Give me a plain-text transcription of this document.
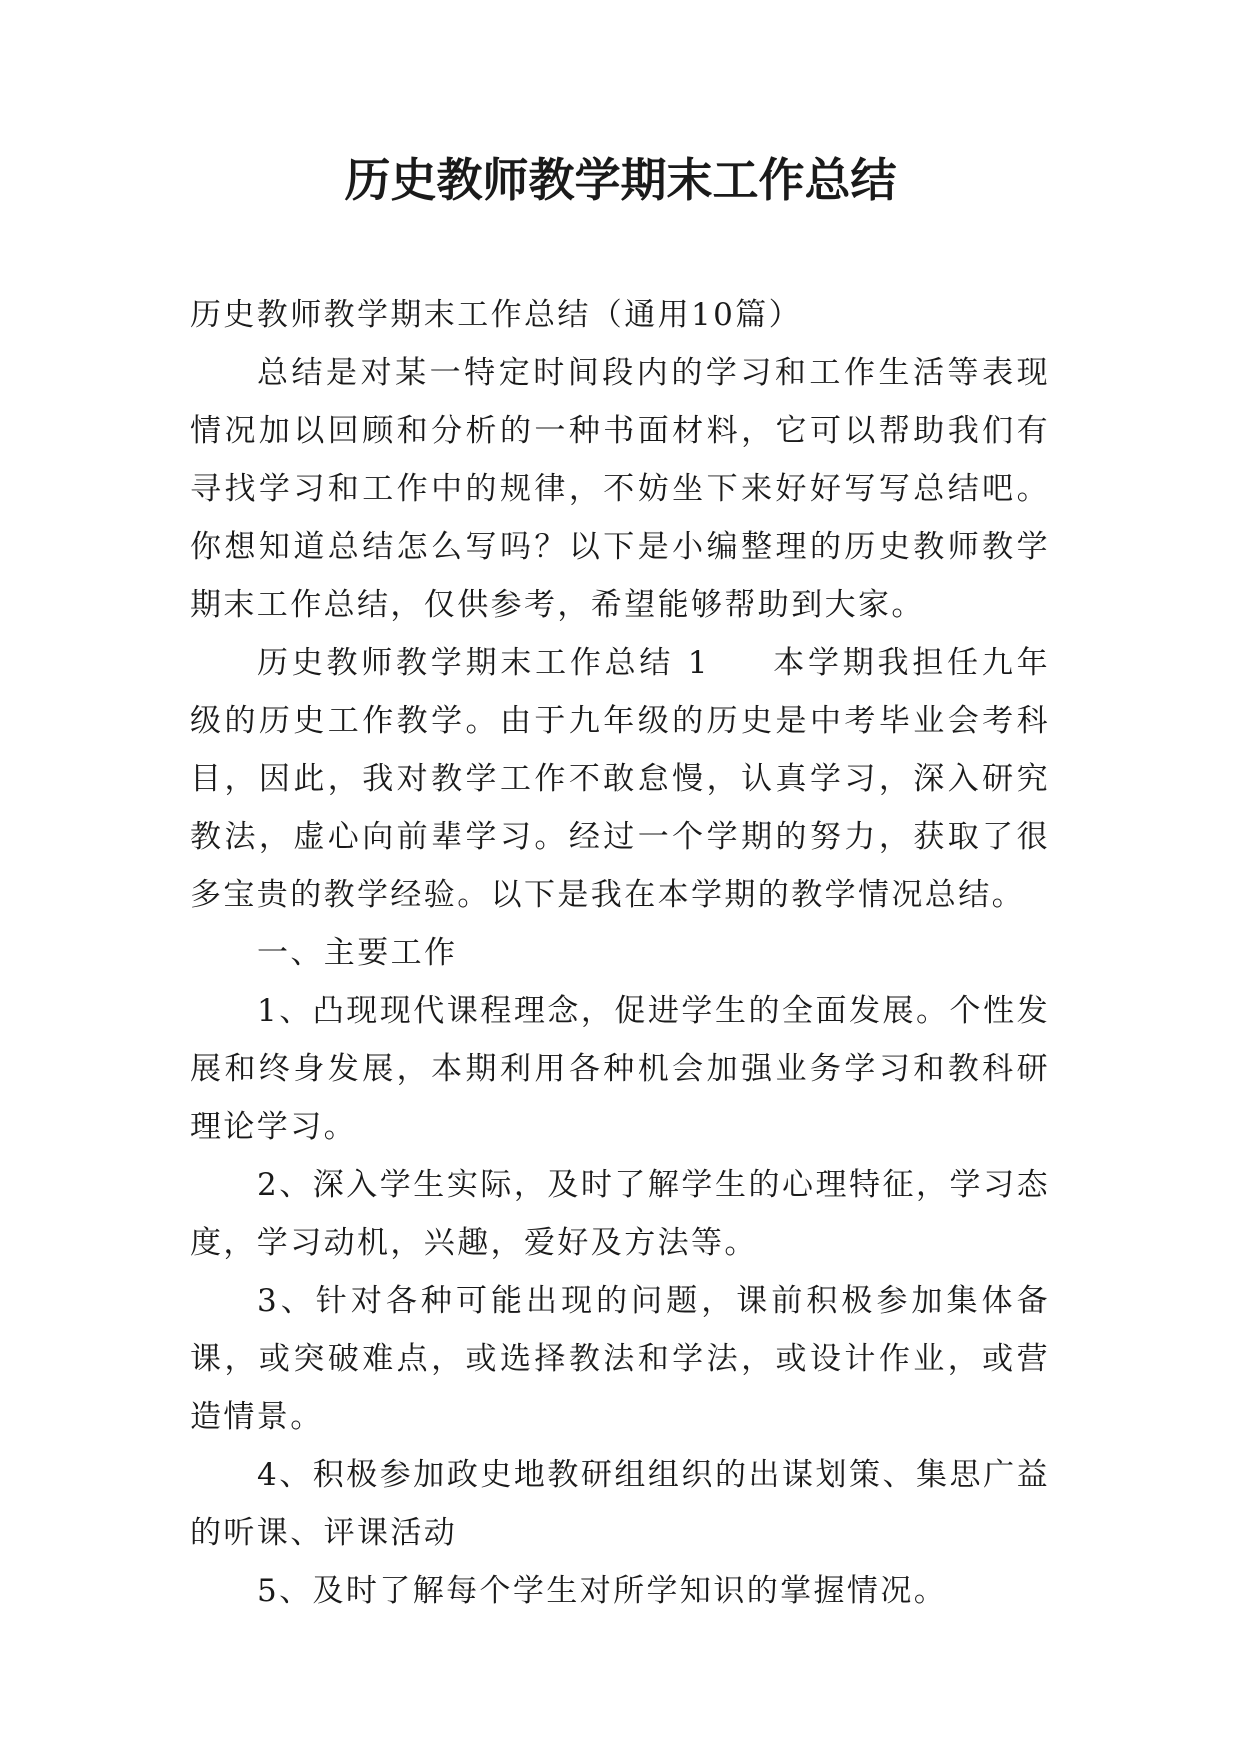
历史教师教学期末工作总结

历史教师教学期末工作总结（通用10篇）

总结是对某一特定时间段内的学习和工作生活等表现情况加以回顾和分析的一种书面材料，它可以帮助我们有寻找学习和工作中的规律，不妨坐下来好好写写总结吧。你想知道总结怎么写吗？以下是小编整理的历史教师教学期末工作总结，仅供参考，希望能够帮助到大家。

历史教师教学期末工作总结 1 本学期我担任九年级的历史工作教学。由于九年级的历史是中考毕业会考科目，因此，我对教学工作不敢怠慢，认真学习，深入研究教法，虚心向前辈学习。经过一个学期的努力，获取了很多宝贵的教学经验。以下是我在本学期的教学情况总结。

一、主要工作

1、凸现现代课程理念，促进学生的全面发展。个性发展和终身发展，本期利用各种机会加强业务学习和教科研理论学习。

2、深入学生实际，及时了解学生的心理特征，学习态度，学习动机，兴趣，爱好及方法等。

3、针对各种可能出现的问题，课前积极参加集体备课，或突破难点，或选择教法和学法，或设计作业，或营造情景。

4、积极参加政史地教研组组织的出谋划策、集思广益的听课、评课活动

5、及时了解每个学生对所学知识的掌握情况。
